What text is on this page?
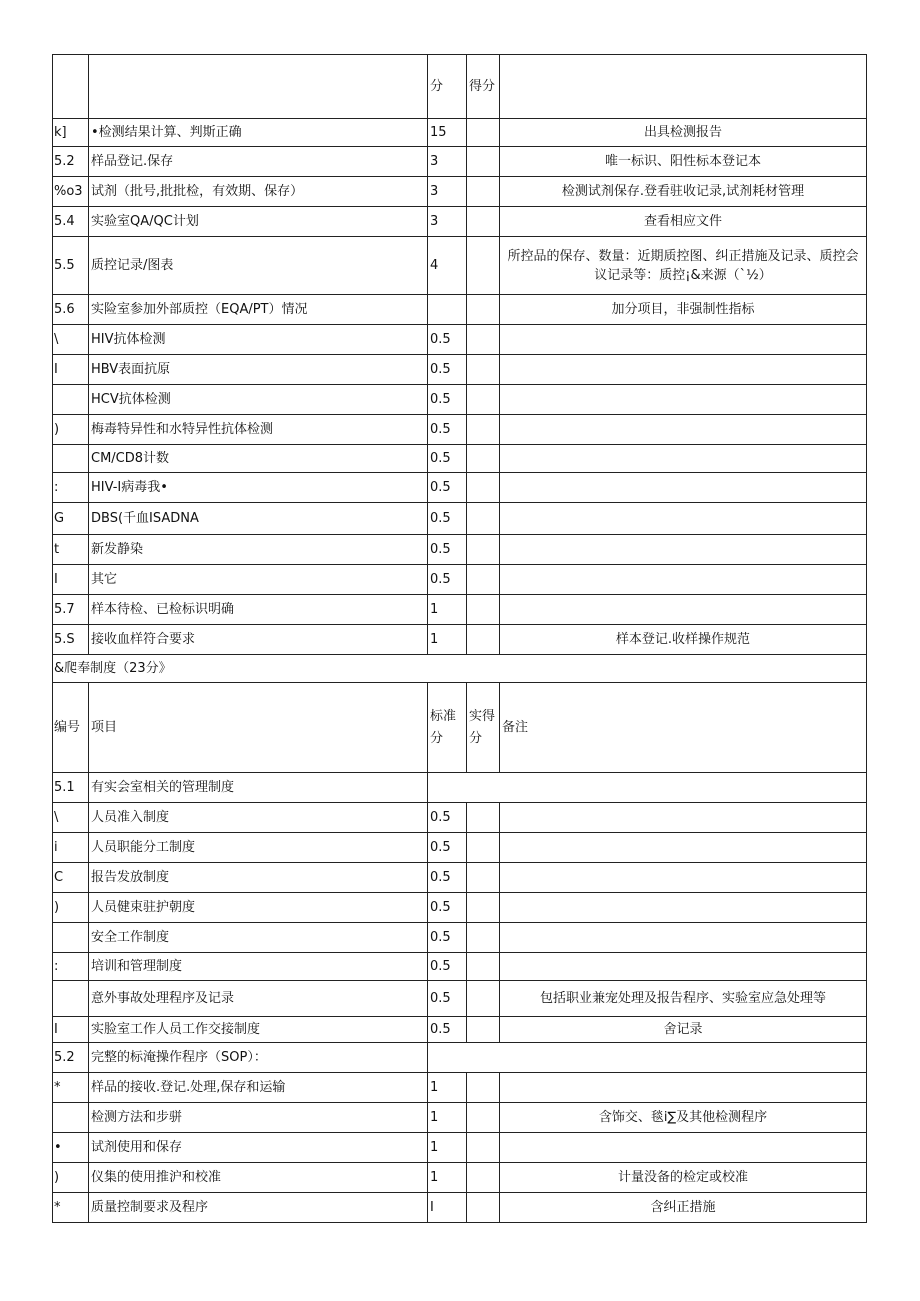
		分	得分	
k]	•检测结果计算、判斯正确	15		出具检测报告
5.2	样品登记.保存	3		唯一标识、阳性标本登记本
%o3	试剂（批号,批批检，有效期、保存）	3		检测试剂保存.登看驻收记录,试剂耗材管理
5.4	实验室QA/QC计划	3		查看相应文件
5.5	质控记录/图表	4		所控品的保存、数量：近期质控图、纠正措施及记录、质控会议记录等：质控¡&来源（`½）
5.6	实险室参加外部质控（EQA/PT）情况			加分项目，非强制性指标
\	HIV抗体检测	0.5		
I	HBV表面抗原	0.5		
	HCV抗体检测	0.5		
)	梅毒特异性和水特异性抗体检测	0.5		
	CM/CD8计数	0.5		
:	HIV-I病毒我•	0.5		
G	DBS(千血ISADNA	0.5		
t	新发静染	0.5		
I	其它	0.5		
5.7	样本待检、已检标识明确	1		
5.S	接收血样符合要求	1		样本登记.收样操作规范
&爬奉制度（23分》
编号	项目	标准分	实得分	备注
5.1	有实会室相关的管理制度			
\	人员准入制度	0.5		
i	人员职能分工制度	0.5		
C	报告发放制度	0.5		
)	人员健束驻护朝度	0.5		
	安全工作制度	0.5		
:	培训和管理制度	0.5		
	意外事故处理程序及记录	0.5		包括职业兼宠处理及报告程序、实验室应急处理等
I	实脸室工作人员工作交接制度	0.5		舍记录
5.2	完整的标淹操作程序（SOP）：			
*	样品的接收.登记.处理,保存和运输	1		
	检测方法和步骈	1		含饰交、毯i∑及其他检测程序
•	试剂使用和保存	1		
)	仪集的使用推沪和校准	1		计量没备的检定或校准
*	质量控制要求及程序	I		含纠正措施
